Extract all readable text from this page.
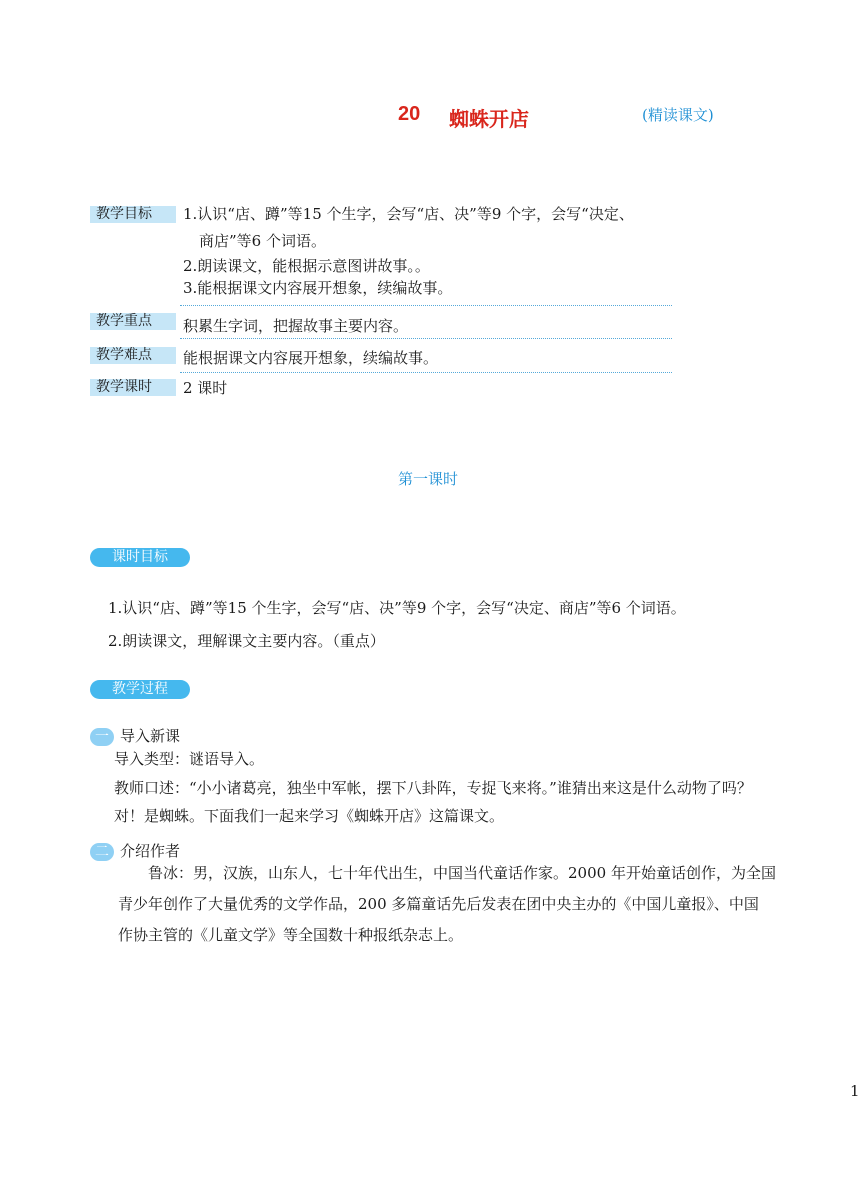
20 蜘蛛开店	(精读课文)
教学目标	1.认识“店、蹲”等15 个生字，会写“店、决”等9 个字，会写“决定、
商店”等6 个词语。
2.朗读课文，能根据示意图讲故事。。
3.能根据课文内容展开想象，续编故事。
教学重点	积累生字词，把握故事主要内容。
教学难点	能根据课文内容展开想象，续编故事。
教学课时	2 课时
第一课时
课时目标
1.认识“店、蹲”等15 个生字，会写“店、决”等9 个字，会写“决定、商店”等6 个词语。
2.朗读课文，理解课文主要内容。（重点）
教学过程
一 导入新课
导入类型：谜语导入。
教师口述：“小小诸葛亮，独坐中军帐，摆下八卦阵，专捉飞来将。”谁猜出来这是什么动物了吗？
对！是蜘蛛。下面我们一起来学习《蜘蛛开店》这篇课文。
二 介绍作者
鲁冰：男，汉族，山东人，七十年代出生，中国当代童话作家。2000 年开始童话创作，为全国
青少年创作了大量优秀的文学作品，200 多篇童话先后发表在团中央主办的《中国儿童报》、中国
作协主管的《儿童文学》等全国数十种报纸杂志上。
1
